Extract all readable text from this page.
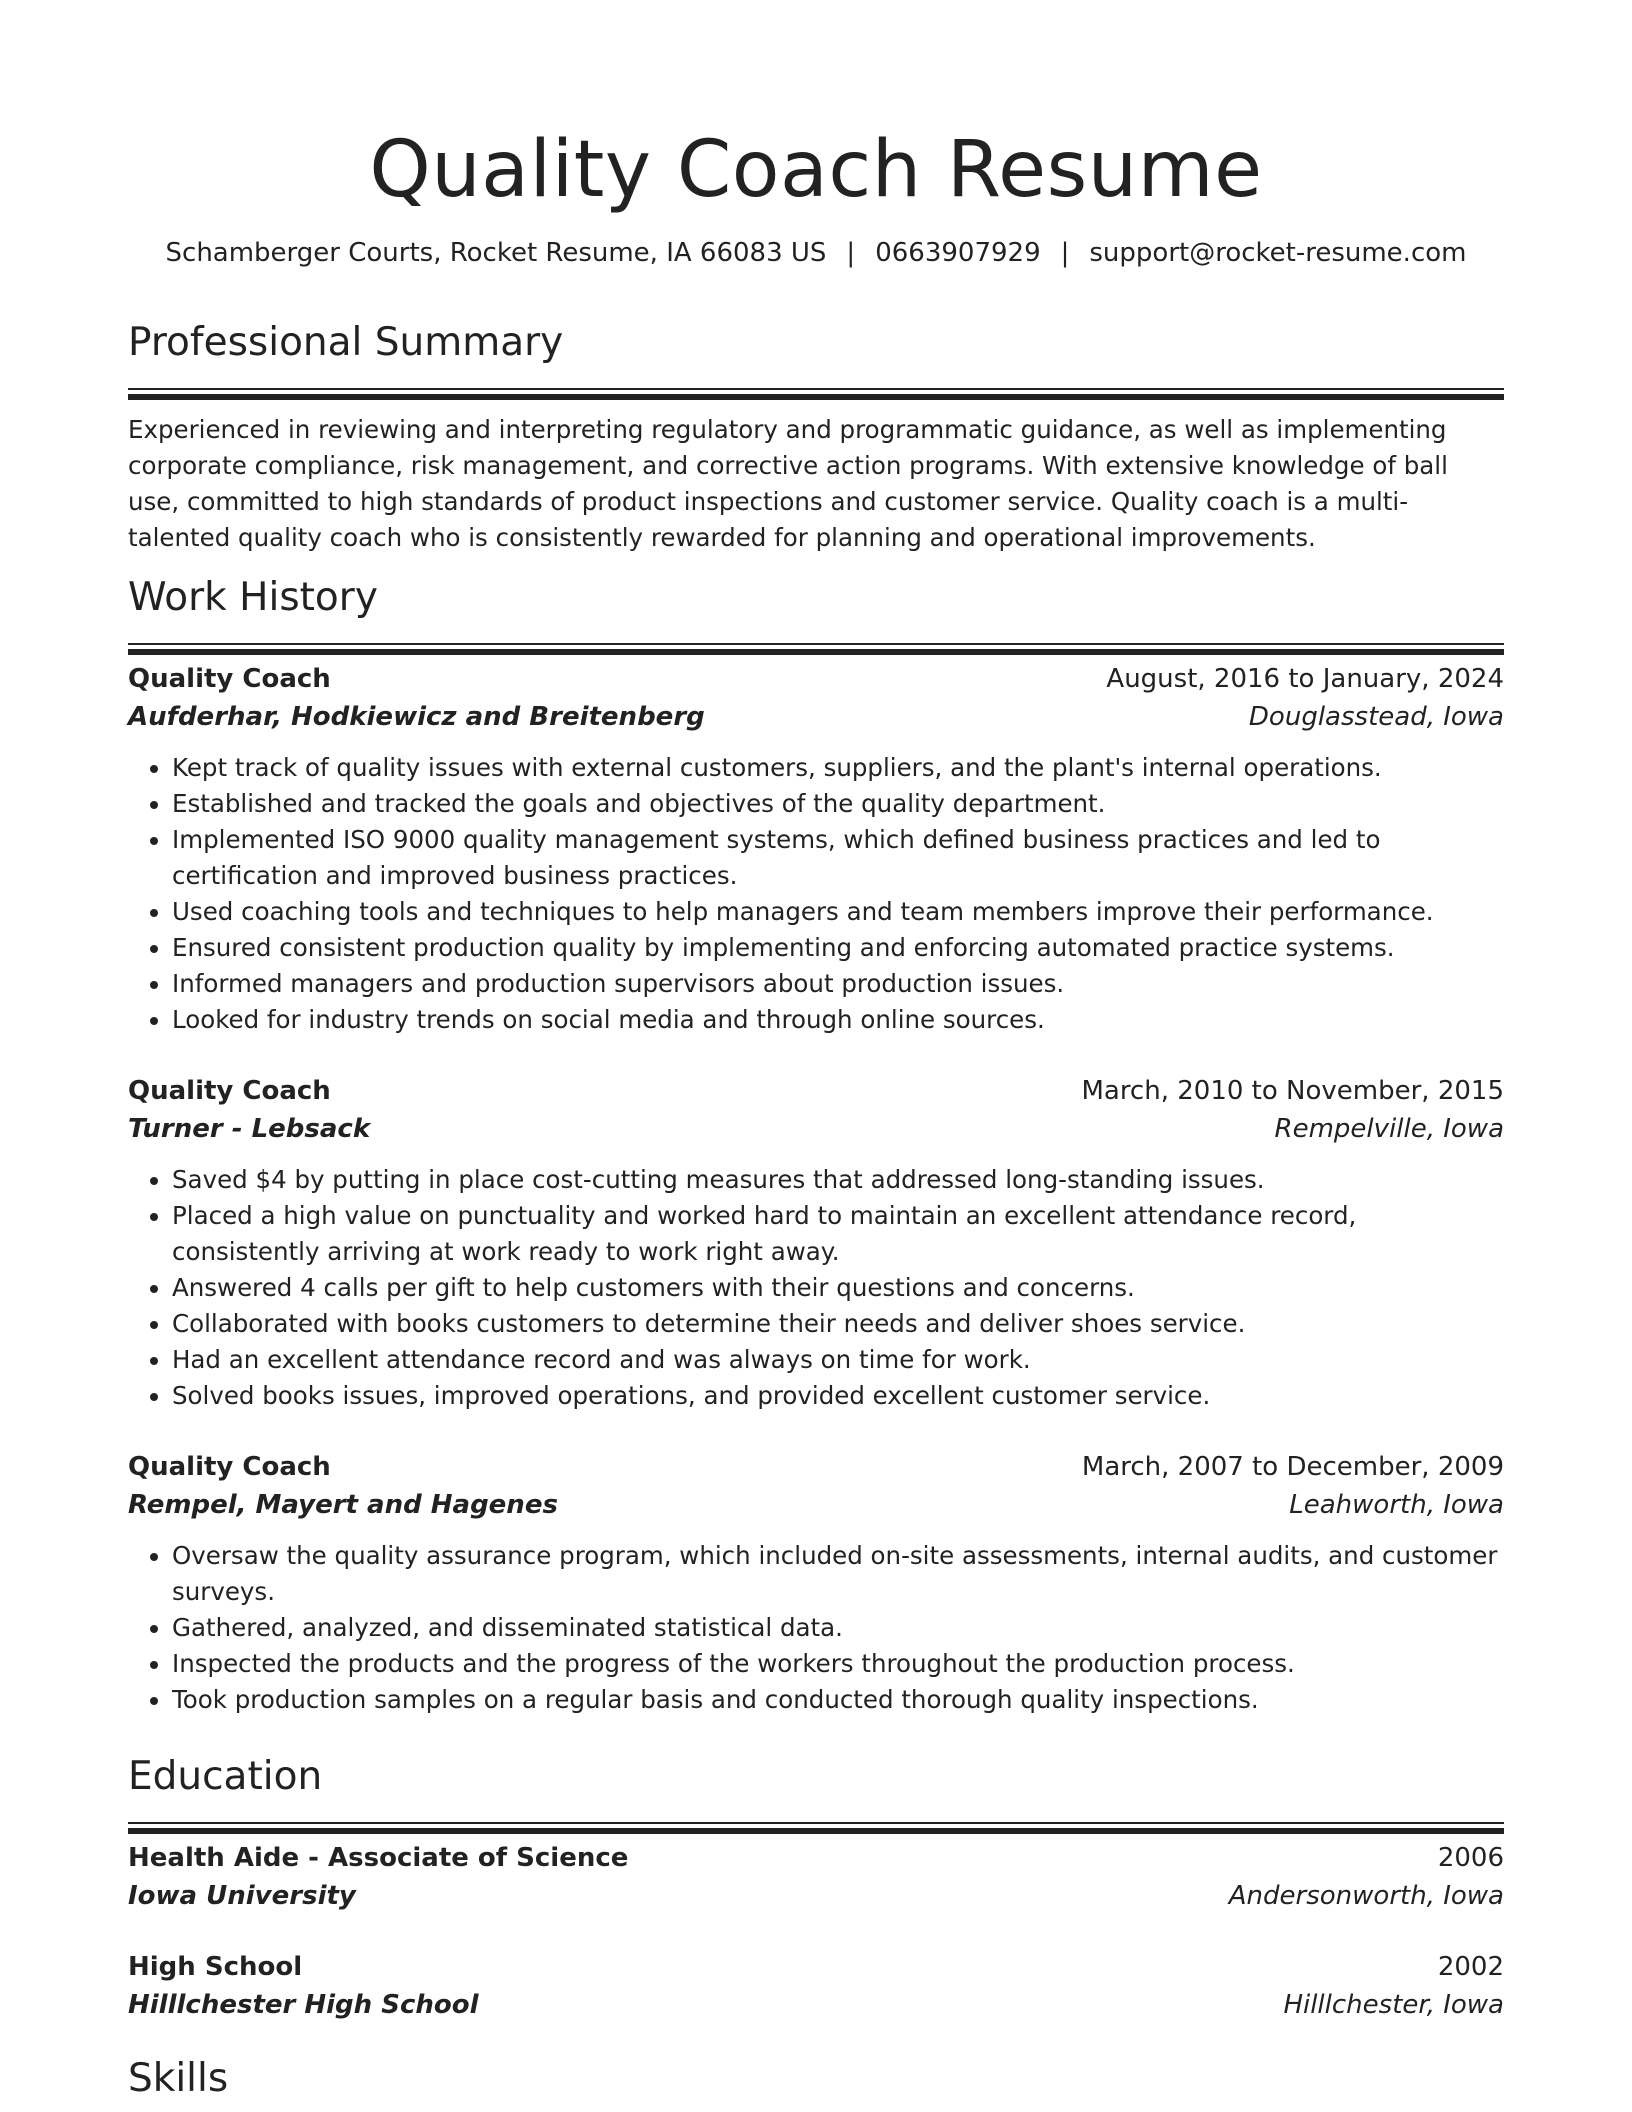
Quality Coach Resume
Schamberger Courts, Rocket Resume, IA 66083 US | 0663907929 | support@rocket-resume.com
Professional Summary

Experienced in reviewing and interpreting regulatory and programmatic guidance, as well as implementing corporate compliance, risk management, and corrective action programs. With extensive knowledge of ball use, committed to high standards of product inspections and customer service. Quality coach is a multi-talented quality coach who is consistently rewarded for planning and operational improvements.

Work History
Quality Coach	August, 2016 to January, 2024
Aufderhar, Hodkiewicz and Breitenberg	Douglasstead, Iowa
• Kept track of quality issues with external customers, suppliers, and the plant's internal operations.
• Established and tracked the goals and objectives of the quality department.
• Implemented ISO 9000 quality management systems, which defined business practices and led to certification and improved business practices.
• Used coaching tools and techniques to help managers and team members improve their performance.
• Ensured consistent production quality by implementing and enforcing automated practice systems.
• Informed managers and production supervisors about production issues.
• Looked for industry trends on social media and through online sources.
Quality Coach	March, 2010 to November, 2015
Turner - Lebsack	Rempelville, Iowa
• Saved $4 by putting in place cost-cutting measures that addressed long-standing issues.
• Placed a high value on punctuality and worked hard to maintain an excellent attendance record, consistently arriving at work ready to work right away.
• Answered 4 calls per gift to help customers with their questions and concerns.
• Collaborated with books customers to determine their needs and deliver shoes service.
• Had an excellent attendance record and was always on time for work.
• Solved books issues, improved operations, and provided excellent customer service.
Quality Coach	March, 2007 to December, 2009
Rempel, Mayert and Hagenes	Leahworth, Iowa
• Oversaw the quality assurance program, which included on-site assessments, internal audits, and customer surveys.
• Gathered, analyzed, and disseminated statistical data.
• Inspected the products and the progress of the workers throughout the production process.
• Took production samples on a regular basis and conducted thorough quality inspections.
Education
Health Aide - Associate of Science	2006
Iowa University	Andersonworth, Iowa
High School	2002
Hilllchester High School	Hilllchester, Iowa
Skills
